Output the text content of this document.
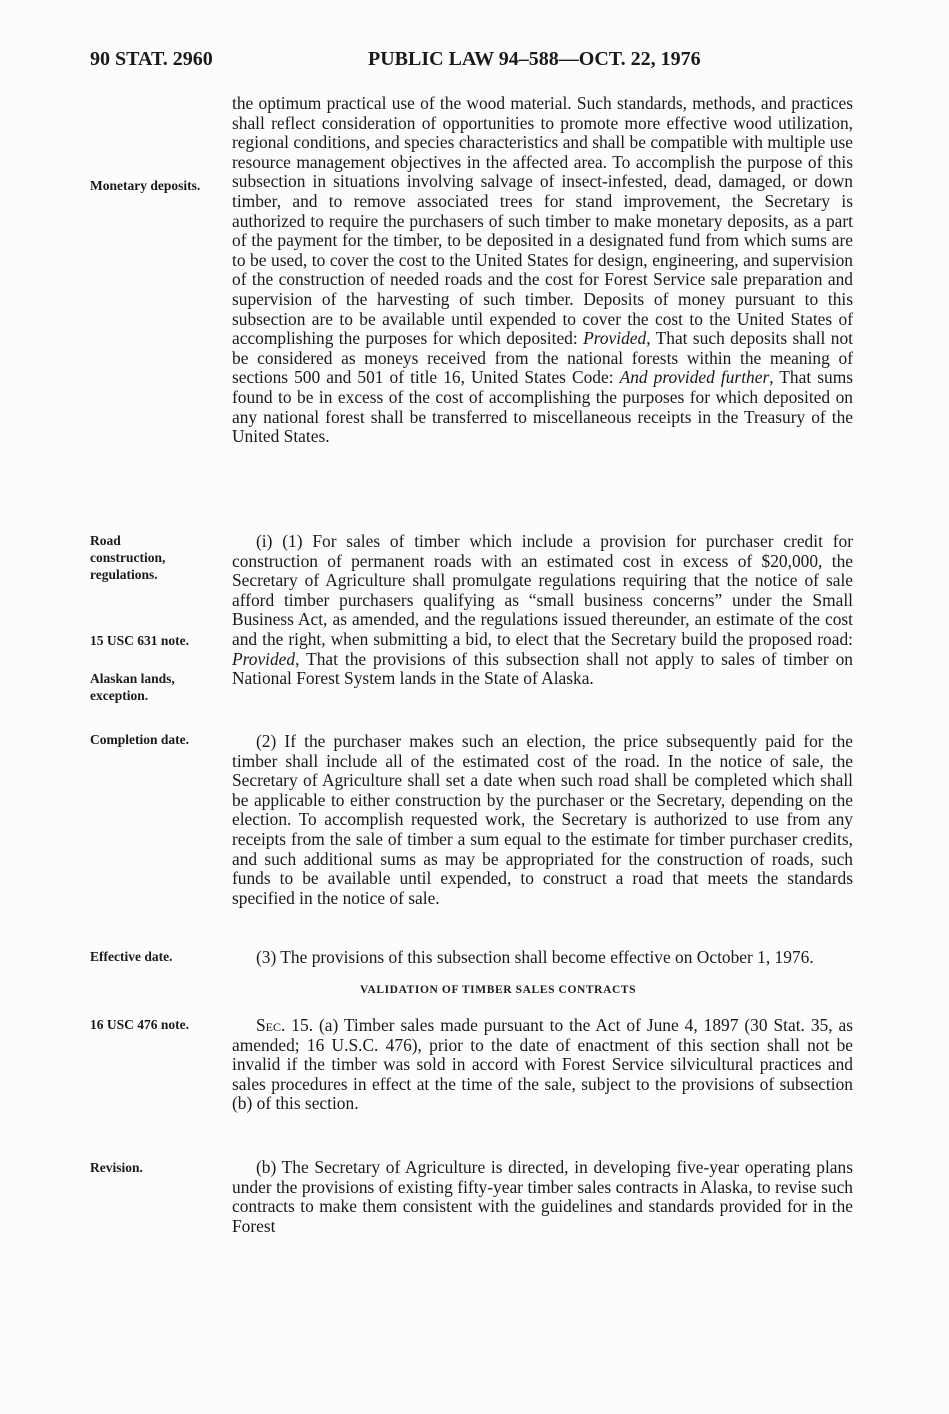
90 STAT. 2960	PUBLIC LAW 94–588—OCT. 22, 1976
Monetary deposits.
Road construction, regulations.
15 USC 631 note.
Alaskan lands, exception.
Completion date.
Effective date.
16 USC 476 note.
Revision.

the optimum practical use of the wood material. Such standards, methods, and practices shall reflect consideration of opportunities to promote more effective wood utilization, regional conditions, and species characteristics and shall be compatible with multiple use resource management objectives in the affected area. To accomplish the purpose of this subsection in situations involving salvage of insect-infested, dead, damaged, or down timber, and to remove associated trees for stand improvement, the Secretary is authorized to require the purchasers of such timber to make monetary deposits, as a part of the payment for the timber, to be deposited in a designated fund from which sums are to be used, to cover the cost to the United States for design, engineering, and supervision of the construction of needed roads and the cost for Forest Service sale preparation and supervision of the harvesting of such timber. Deposits of money pursuant to this subsection are to be available until expended to cover the cost to the United States of accomplishing the purposes for which deposited: Provided, That such deposits shall not be considered as moneys received from the national forests within the meaning of sections 500 and 501 of title 16, United States Code: And provided further, That sums found to be in excess of the cost of accomplishing the purposes for which deposited on any national forest shall be transferred to miscellaneous receipts in the Treasury of the United States.

(i) (1) For sales of timber which include a provision for purchaser credit for construction of permanent roads with an estimated cost in excess of $20,000, the Secretary of Agriculture shall promulgate regulations requiring that the notice of sale afford timber purchasers qualifying as “small business concerns” under the Small Business Act, as amended, and the regulations issued thereunder, an estimate of the cost and the right, when submitting a bid, to elect that the Secretary build the proposed road: Provided, That the provisions of this subsection shall not apply to sales of timber on National Forest System lands in the State of Alaska.

(2) If the purchaser makes such an election, the price subsequently paid for the timber shall include all of the estimated cost of the road. In the notice of sale, the Secretary of Agriculture shall set a date when such road shall be completed which shall be applicable to either construction by the purchaser or the Secretary, depending on the election. To accomplish requested work, the Secretary is authorized to use from any receipts from the sale of timber a sum equal to the estimate for timber purchaser credits, and such additional sums as may be appropriated for the construction of roads, such funds to be available until expended, to construct a road that meets the standards specified in the notice of sale.

(3) The provisions of this subsection shall become effective on October 1, 1976.

VALIDATION OF TIMBER SALES CONTRACTS

Sec. 15. (a) Timber sales made pursuant to the Act of June 4, 1897 (30 Stat. 35, as amended; 16 U.S.C. 476), prior to the date of enactment of this section shall not be invalid if the timber was sold in accord with Forest Service silvicultural practices and sales procedures in effect at the time of the sale, subject to the provisions of subsection (b) of this section.

(b) The Secretary of Agriculture is directed, in developing five-year operating plans under the provisions of existing fifty-year timber sales contracts in Alaska, to revise such contracts to make them consistent with the guidelines and standards provided for in the Forest
